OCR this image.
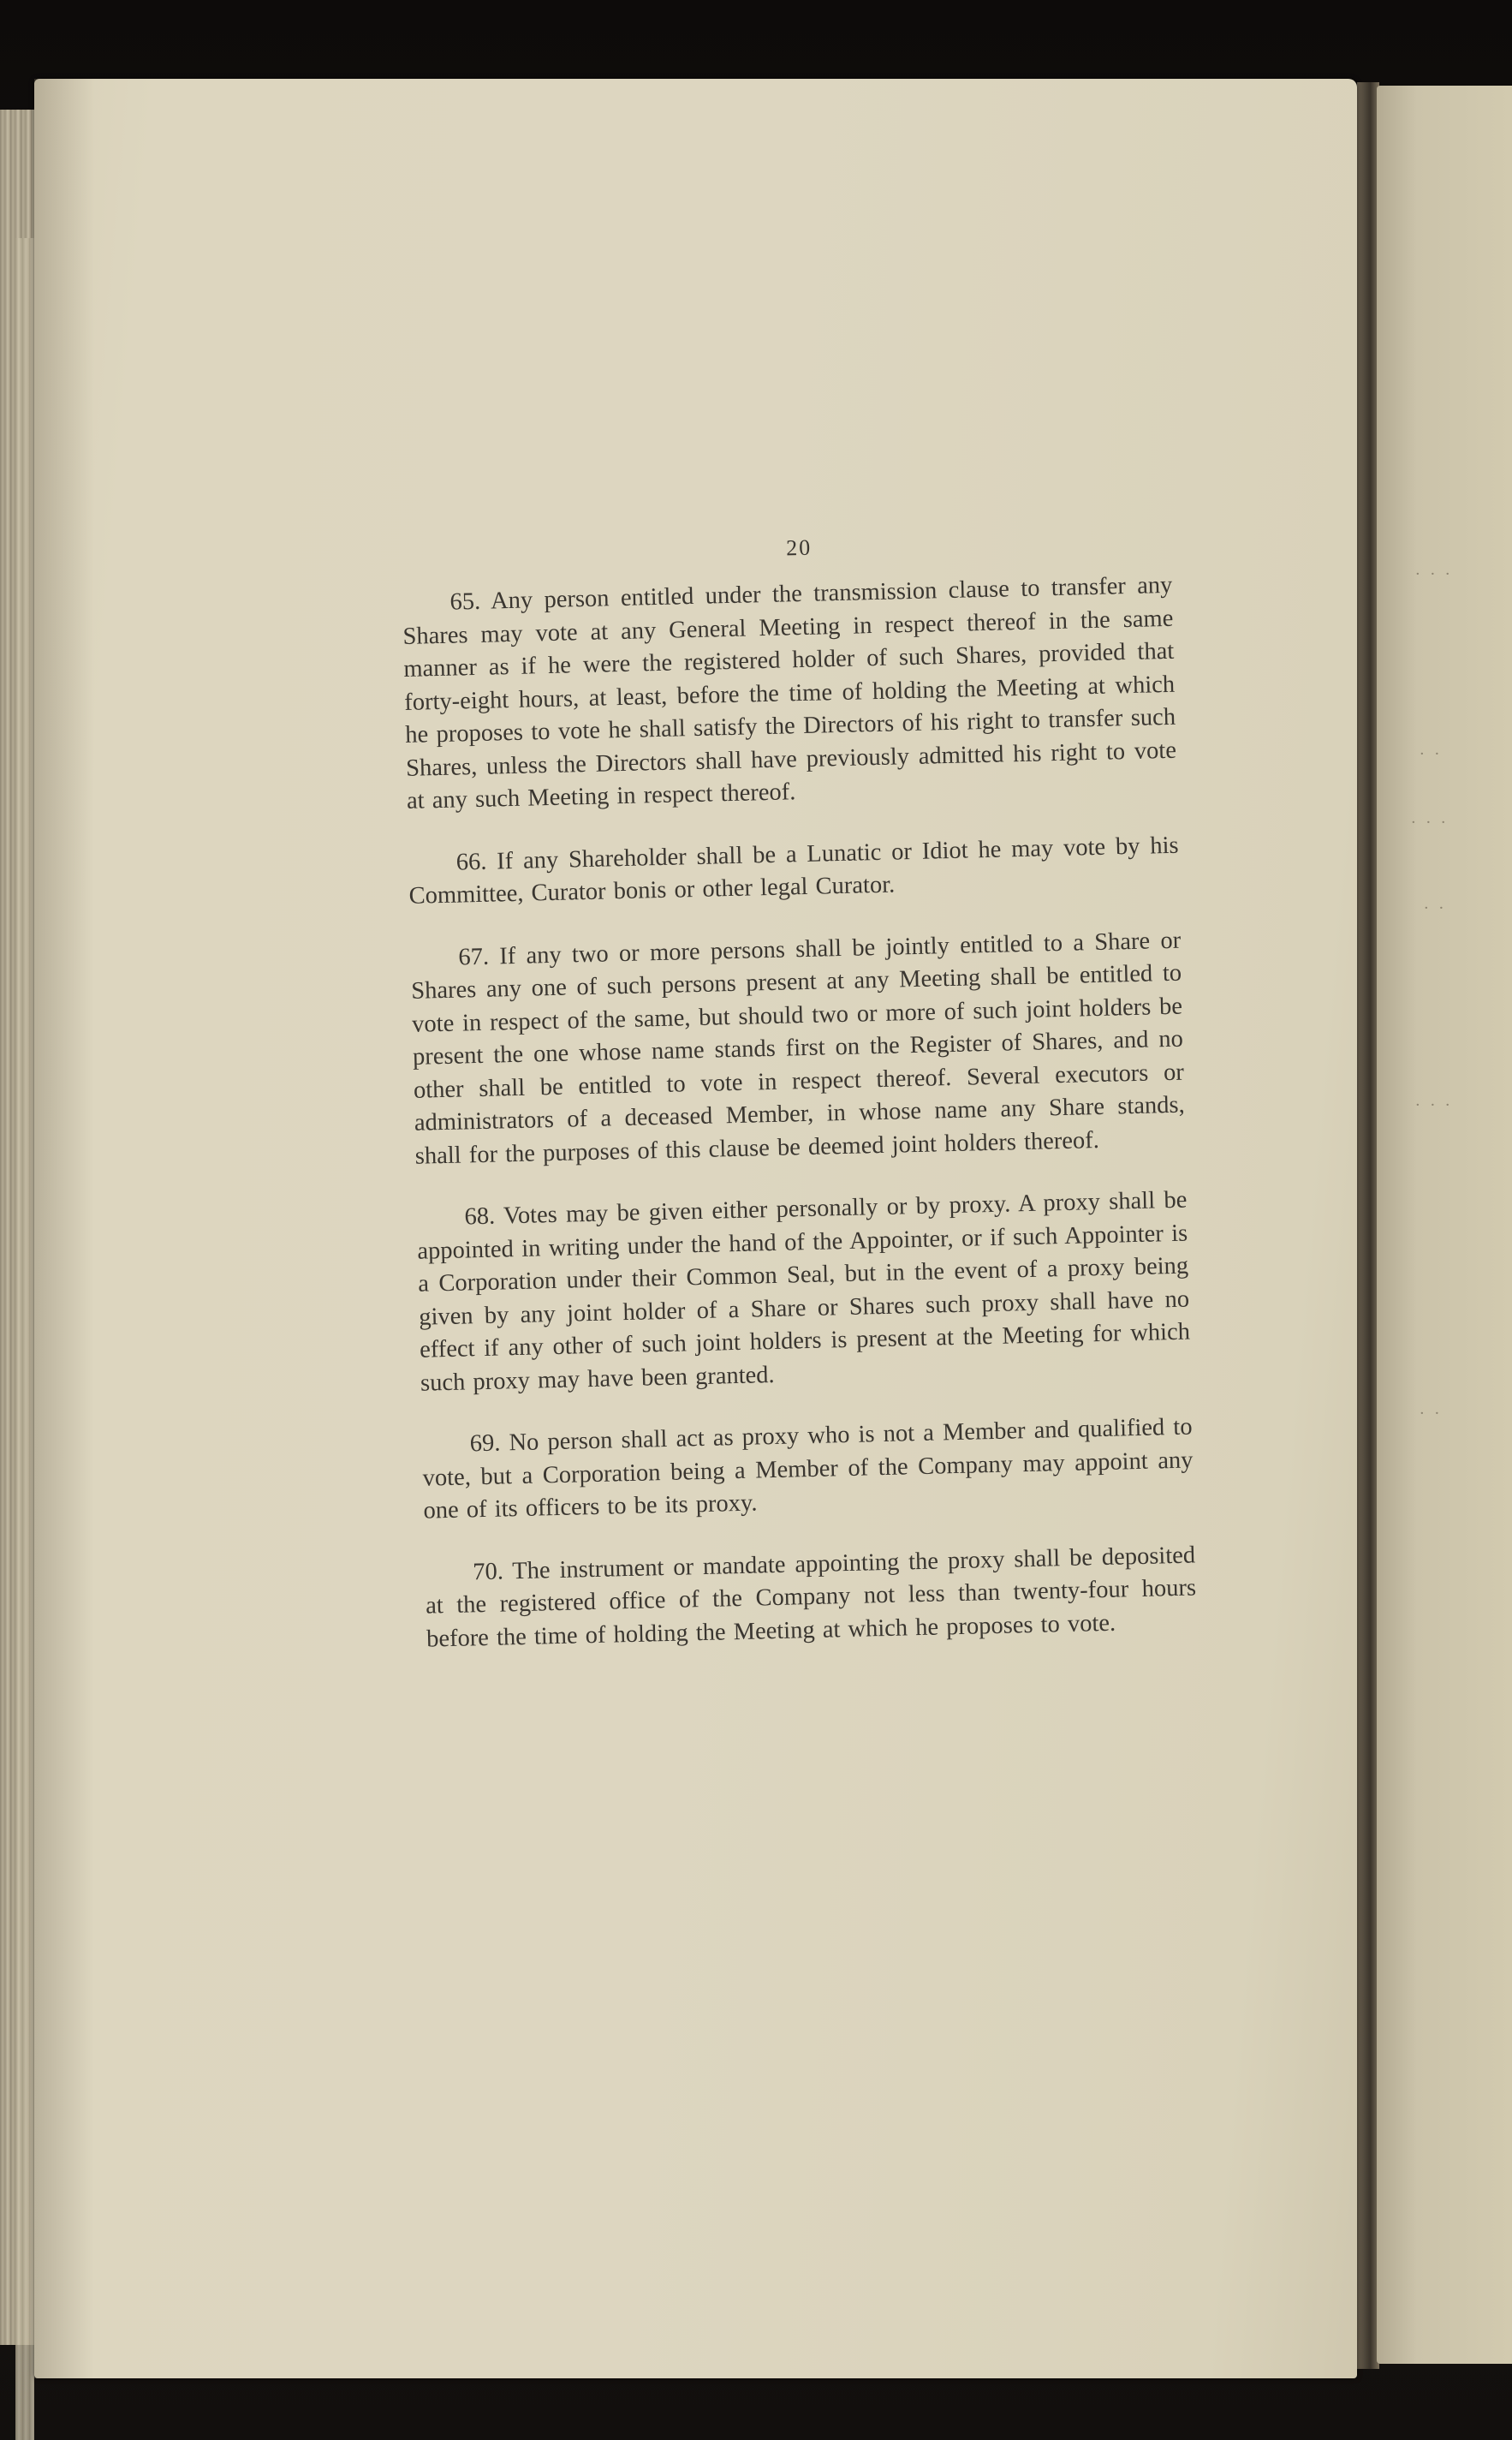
· · ·
· ·
· · ·
· ·
· · ·
· ·
20

65. Any person entitled under the transmission clause to transfer any Shares may vote at any General Meeting in respect thereof in the same manner as if he were the registered holder of such Shares, provided that forty-eight hours, at least, before the time of holding the Meeting at which he proposes to vote he shall satisfy the Directors of his right to transfer such Shares, unless the Directors shall have previously admitted his right to vote at any such Meeting in respect thereof.

66. If any Shareholder shall be a Lunatic or Idiot he may vote by his Committee, Curator bonis or other legal Curator.

67. If any two or more persons shall be jointly entitled to a Share or Shares any one of such persons present at any Meeting shall be entitled to vote in respect of the same, but should two or more of such joint holders be present the one whose name stands first on the Register of Shares, and no other shall be entitled to vote in respect thereof. Several executors or administrators of a deceased Member, in whose name any Share stands, shall for the purposes of this clause be deemed joint holders thereof.

68. Votes may be given either personally or by proxy. A proxy shall be appointed in writing under the hand of the Appointer, or if such Appointer is a Corporation under their Common Seal, but in the event of a proxy being given by any joint holder of a Share or Shares such proxy shall have no effect if any other of such joint holders is present at the Meeting for which such proxy may have been granted.

69. No person shall act as proxy who is not a Member and qualified to vote, but a Corporation being a Member of the Company may appoint any one of its officers to be its proxy.

70. The instrument or mandate appointing the proxy shall be deposited at the registered office of the Company not less than twenty-four hours before the time of holding the Meeting at which he proposes to vote.
